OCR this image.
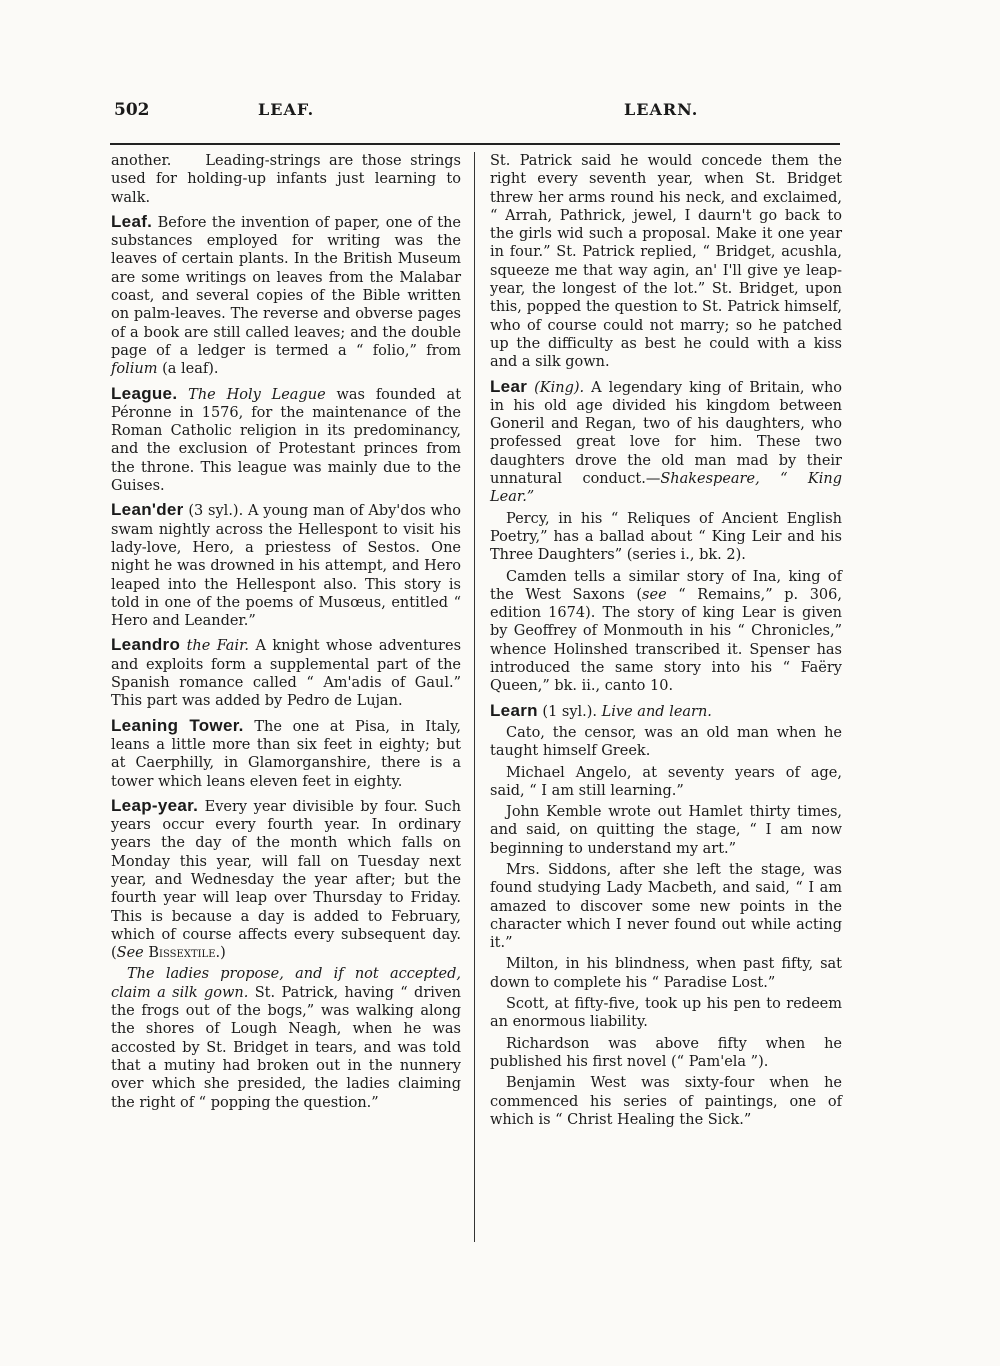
502	LEAF.	LEARN.

another. Leading-strings are those strings used for holding-up infants just learning to walk.

Leaf. Before the invention of paper, one of the substances employed for writing was the leaves of certain plants. In the British Museum are some writings on leaves from the Malabar coast, and several copies of the Bible written on palm-leaves. The reverse and obverse pages of a book are still called leaves; and the double page of a ledger is termed a “ folio,” from folium (a leaf).

League. The Holy League was founded at Péronne in 1576, for the maintenance of the Roman Catholic religion in its predominancy, and the exclusion of Protestant princes from the throne. This league was mainly due to the Guises.

Lean'der (3 syl.). A young man of Aby'dos who swam nightly across the Hellespont to visit his lady-love, Hero, a priestess of Sestos. One night he was drowned in his attempt, and Hero leaped into the Hellespont also. This story is told in one of the poems of Musœus, entitled “ Hero and Leander.”

Leandro the Fair. A knight whose adventures and exploits form a supplemental part of the Spanish romance called “ Am'adis of Gaul.” This part was added by Pedro de Lujan.

Leaning Tower. The one at Pisa, in Italy, leans a little more than six feet in eighty; but at Caerphilly, in Glamorganshire, there is a tower which leans eleven feet in eighty.

Leap-year. Every year divisible by four. Such years occur every fourth year. In ordinary years the day of the month which falls on Monday this year, will fall on Tuesday next year, and Wednesday the year after; but the fourth year will leap over Thursday to Friday. This is because a day is added to February, which of course affects every subsequent day. (See Bissextile.)

The ladies propose, and if not accepted, claim a silk gown. St. Patrick, having “ driven the frogs out of the bogs,” was walking along the shores of Lough Neagh, when he was accosted by St. Bridget in tears, and was told that a mutiny had broken out in the nunnery over which she presided, the ladies claiming the right of “ popping the question.”

St. Patrick said he would concede them the right every seventh year, when St. Bridget threw her arms round his neck, and exclaimed, “ Arrah, Pathrick, jewel, I daurn't go back to the girls wid such a proposal. Make it one year in four.” St. Patrick replied, “ Bridget, acushla, squeeze me that way agin, an' I'll give ye leap-year, the longest of the lot.” St. Bridget, upon this, popped the question to St. Patrick himself, who of course could not marry; so he patched up the difficulty as best he could with a kiss and a silk gown.

Lear (King). A legendary king of Britain, who in his old age divided his kingdom between Goneril and Regan, two of his daughters, who professed great love for him. These two daughters drove the old man mad by their unnatural conduct.—Shakespeare, “ King Lear.”

Percy, in his “ Reliques of Ancient English Poetry,” has a ballad about “ King Leir and his Three Daughters” (series i., bk. 2).

Camden tells a similar story of Ina, king of the West Saxons (see “ Remains,” p. 306, edition 1674). The story of king Lear is given by Geoffrey of Monmouth in his “ Chronicles,” whence Holinshed transcribed it. Spenser has introduced the same story into his “ Faëry Queen,” bk. ii., canto 10.

Learn (1 syl.). Live and learn.

Cato, the censor, was an old man when he taught himself Greek.

Michael Angelo, at seventy years of age, said, “ I am still learning.”

John Kemble wrote out Hamlet thirty times, and said, on quitting the stage, “ I am now beginning to understand my art.”

Mrs. Siddons, after she left the stage, was found studying Lady Macbeth, and said, “ I am amazed to discover some new points in the character which I never found out while acting it.”

Milton, in his blindness, when past fifty, sat down to complete his “ Paradise Lost.”

Scott, at fifty-five, took up his pen to redeem an enormous liability.

Richardson was above fifty when he published his first novel (“ Pam'ela ”).

Benjamin West was sixty-four when he commenced his series of paintings, one of which is “ Christ Healing the Sick.”
